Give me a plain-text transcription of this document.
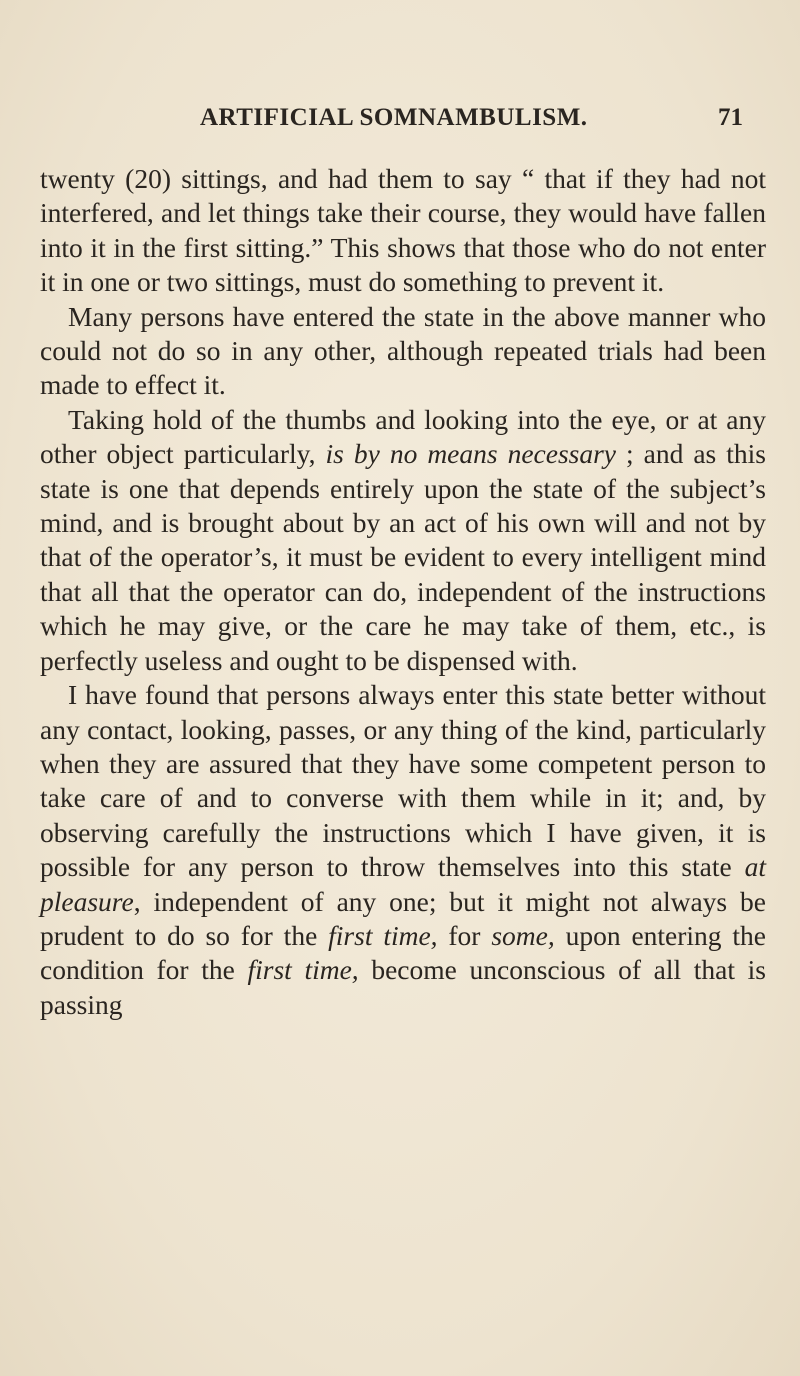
ARTIFICIAL SOMNAMBULISM.	71

twenty (20) sittings, and had them to say “ that if they had not interfered, and let things take their course, they would have fallen into it in the first sitting.” This shows that those who do not enter it in one or two sittings, must do something to prevent it.

Many persons have entered the state in the above manner who could not do so in any other, although repeated trials had been made to effect it.

Taking hold of the thumbs and looking into the eye, or at any other object particularly, is by no means necessary ; and as this state is one that depends entirely upon the state of the subject’s mind, and is brought about by an act of his own will and not by that of the operator’s, it must be evident to every intelligent mind that all that the operator can do, independent of the instructions which he may give, or the care he may take of them, etc., is perfectly useless and ought to be dispensed with.

I have found that persons always enter this state better without any contact, looking, passes, or any thing of the kind, particularly when they are assured that they have some competent person to take care of and to converse with them while in it; and, by observing carefully the instructions which I have given, it is possible for any person to throw themselves into this state at pleasure, independent of any one; but it might not always be prudent to do so for the first time, for some, upon entering the condition for the first time, become unconscious of all that is passing
